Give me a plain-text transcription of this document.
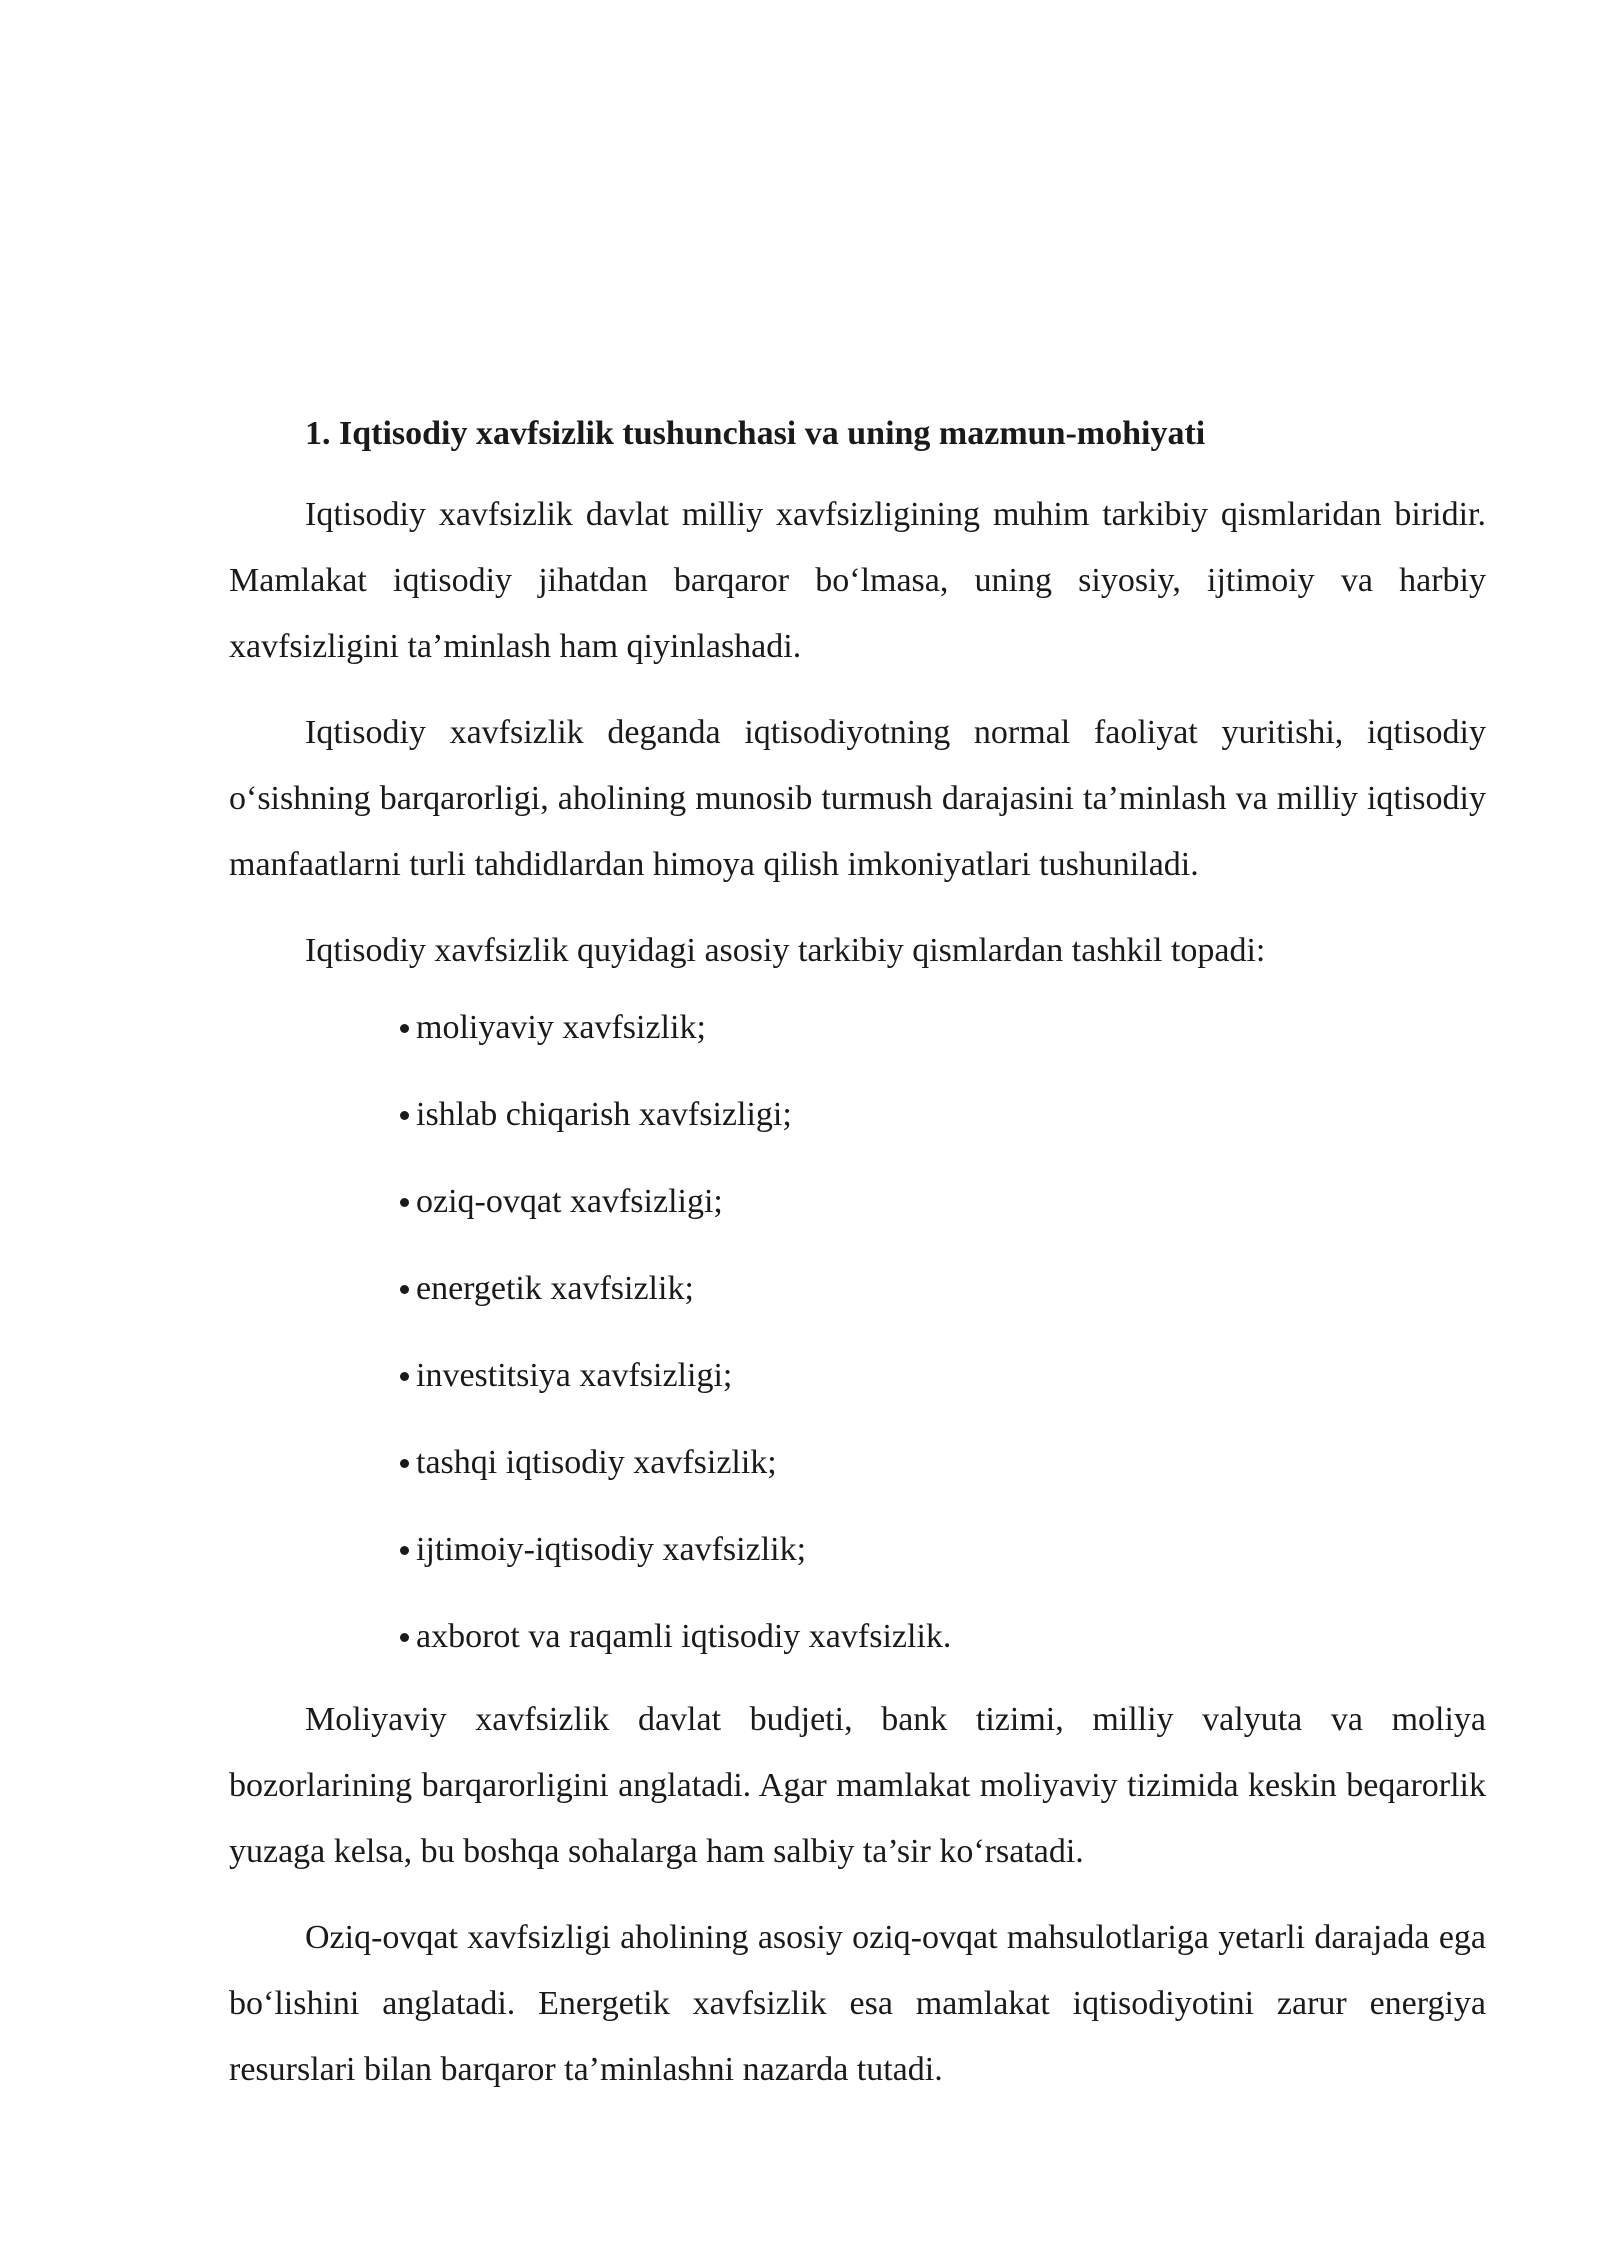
1. Iqtisodiy xavfsizlik tushunchasi va uning mazmun-mohiyati

Iqtisodiy xavfsizlik davlat milliy xavfsizligining muhim tarkibiy qismlaridan biridir. Mamlakat iqtisodiy jihatdan barqaror bo‘lmasa, uning siyosiy, ijtimoiy va harbiy xavfsizligini ta’minlash ham qiyinlashadi.

Iqtisodiy xavfsizlik deganda iqtisodiyotning normal faoliyat yuritishi, iqtisodiy o‘sishning barqarorligi, aholining munosib turmush darajasini ta’minlash va milliy iqtisodiy manfaatlarni turli tahdidlardan himoya qilish imkoniyatlari tushuniladi.

Iqtisodiy xavfsizlik quyidagi asosiy tarkibiy qismlardan tashkil topadi:

moliyaviy xavfsizlik;
ishlab chiqarish xavfsizligi;
oziq-ovqat xavfsizligi;
energetik xavfsizlik;
investitsiya xavfsizligi;
tashqi iqtisodiy xavfsizlik;
ijtimoiy-iqtisodiy xavfsizlik;
axborot va raqamli iqtisodiy xavfsizlik.

Moliyaviy xavfsizlik davlat budjeti, bank tizimi, milliy valyuta va moliya bozorlarining barqarorligini anglatadi. Agar mamlakat moliyaviy tizimida keskin beqarorlik yuzaga kelsa, bu boshqa sohalarga ham salbiy ta’sir ko‘rsatadi.

Oziq-ovqat xavfsizligi aholining asosiy oziq-ovqat mahsulotlariga yetarli darajada ega bo‘lishini anglatadi. Energetik xavfsizlik esa mamlakat iqtisodiyotini zarur energiya resurslari bilan barqaror ta’minlashni nazarda tutadi.
